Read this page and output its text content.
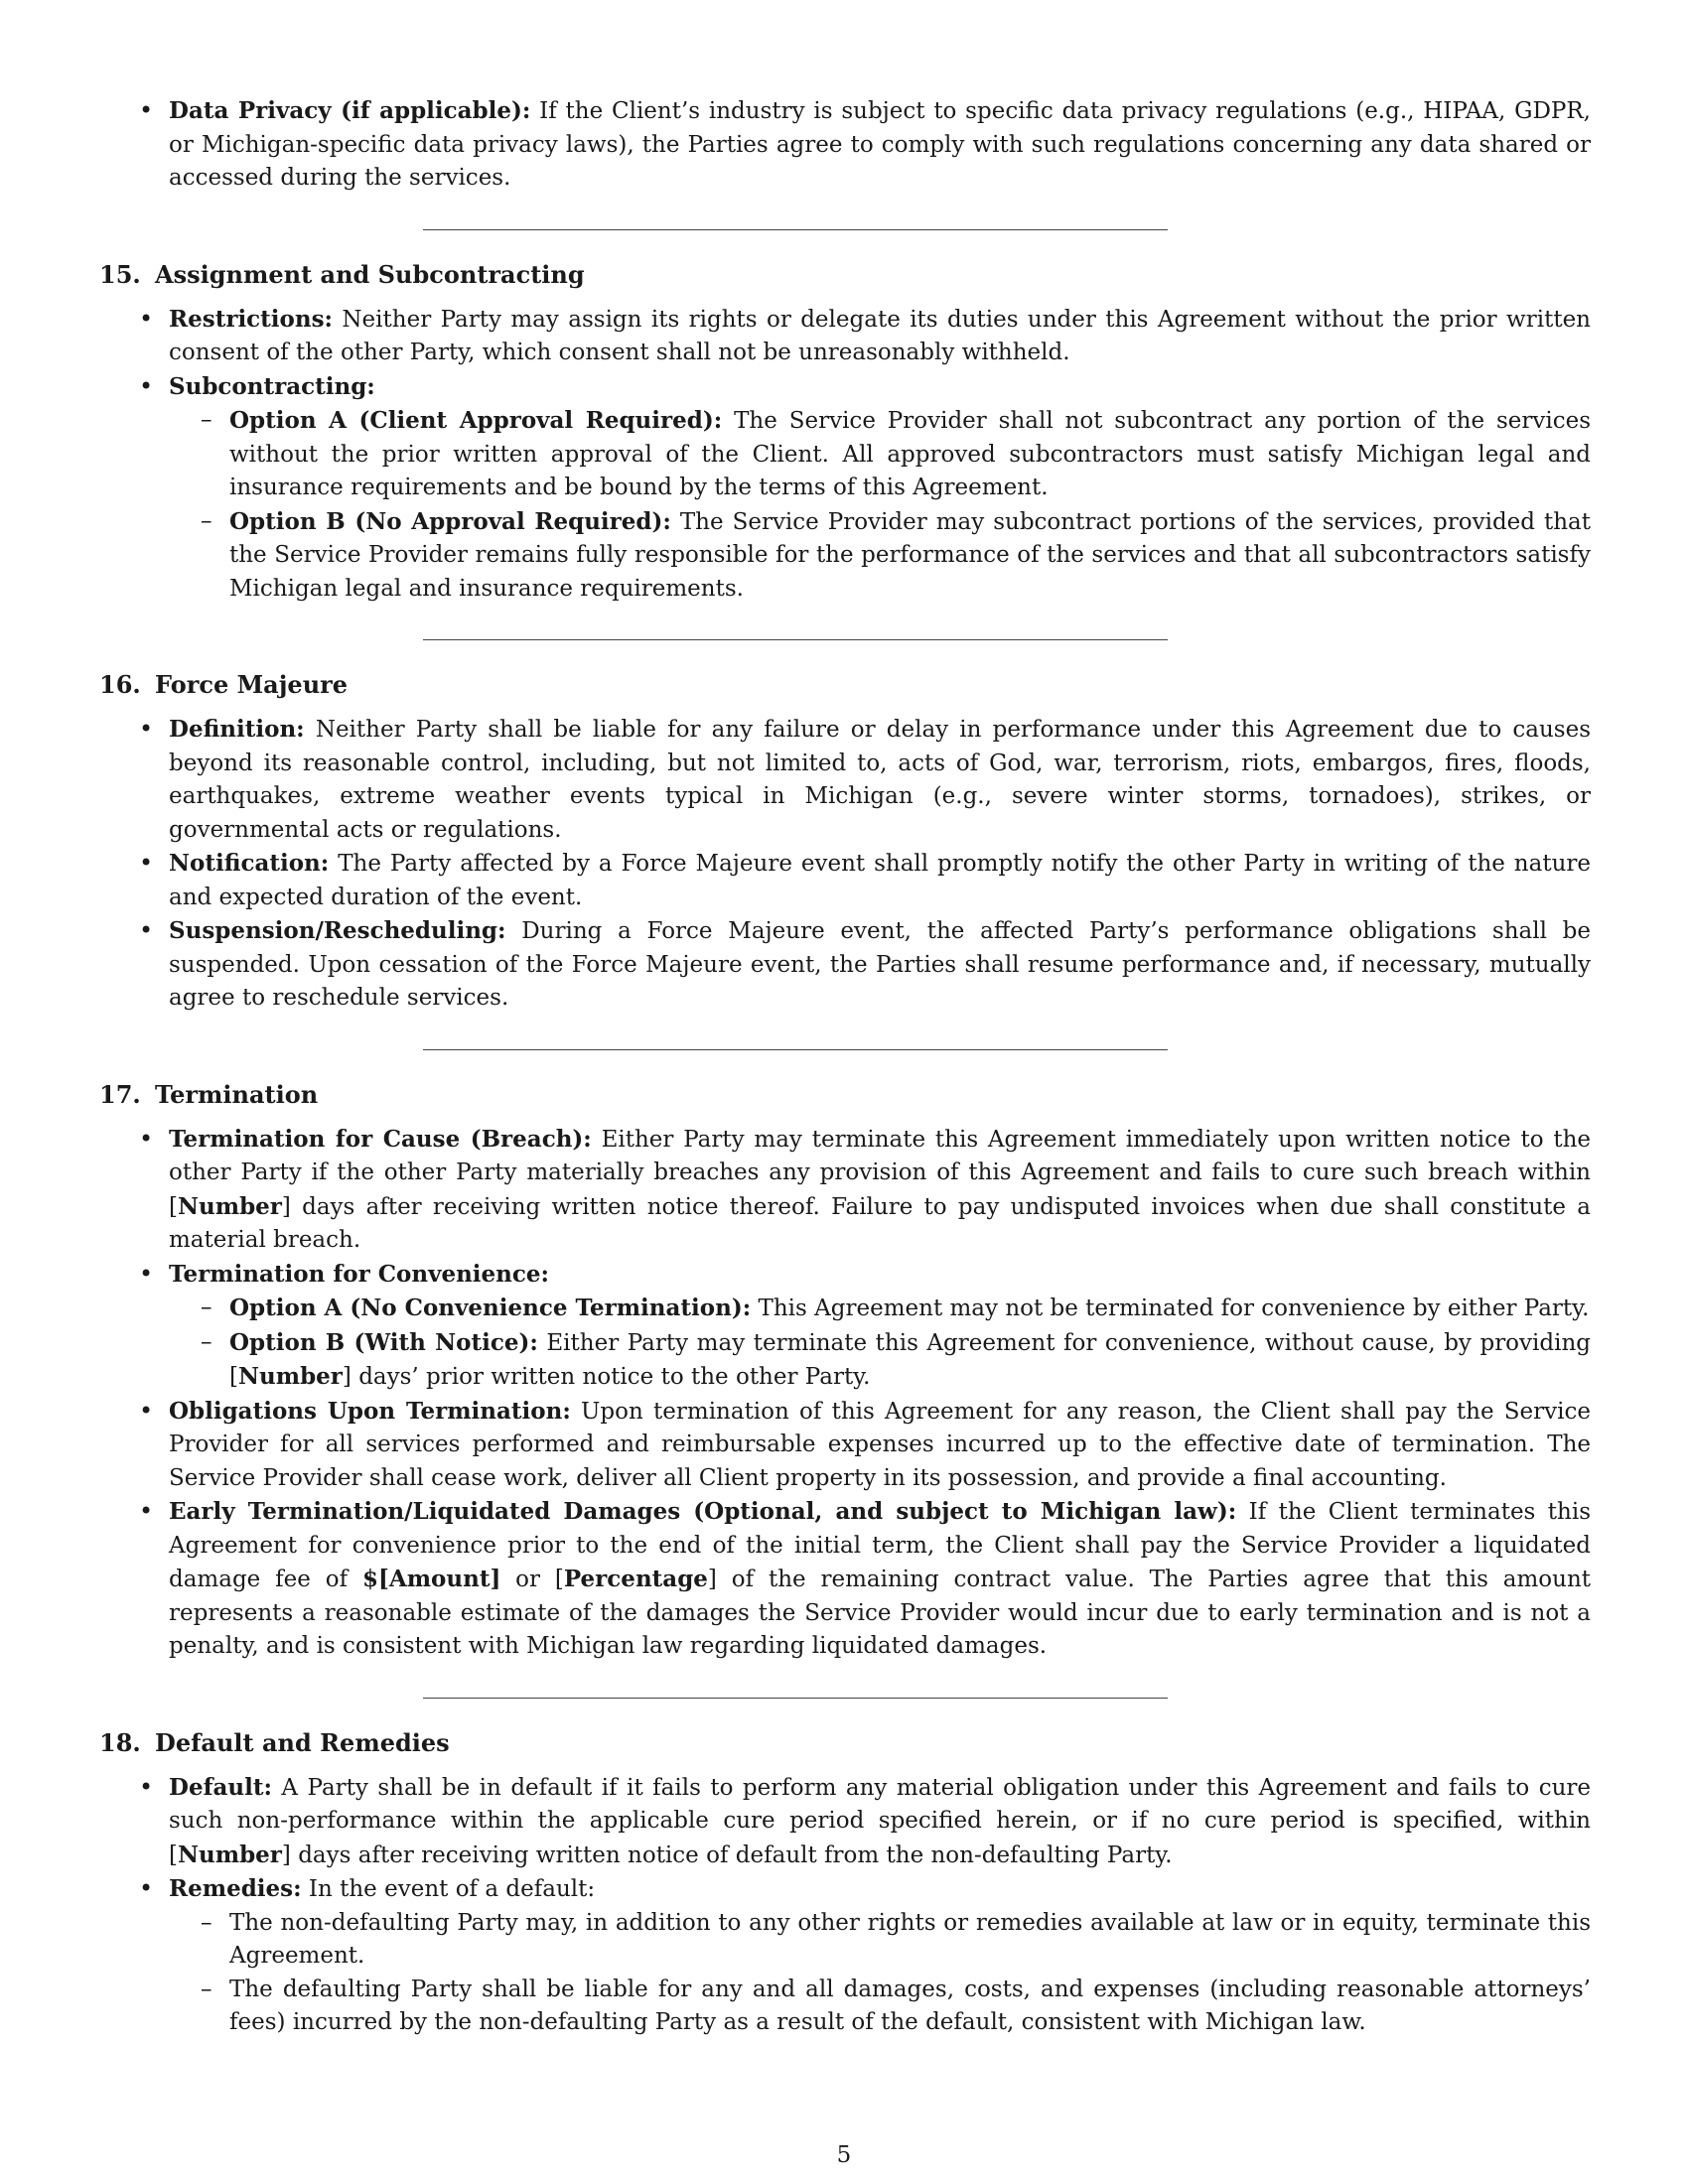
• Data Privacy (if applicable): If the Client’s industry is subject to specific data privacy regulations (e.g., HIPAA, GDPR, or Michigan-specific data privacy laws), the Parties agree to comply with such regulations concerning any data shared or accessed during the services.
15. Assignment and Subcontracting
• Restrictions: Neither Party may assign its rights or delegate its duties under this Agreement without the prior written consent of the other Party, which consent shall not be unreasonably withheld.
• Subcontracting:
– Option A (Client Approval Required): The Service Provider shall not subcontract any portion of the services without the prior written approval of the Client. All approved subcontractors must satisfy Michigan legal and insurance requirements and be bound by the terms of this Agreement.
– Option B (No Approval Required): The Service Provider may subcontract portions of the services, provided that the Service Provider remains fully responsible for the performance of the services and that all subcontractors satisfy Michigan legal and insurance requirements.
16. Force Majeure
• Definition: Neither Party shall be liable for any failure or delay in performance under this Agreement due to causes beyond its reasonable control, including, but not limited to, acts of God, war, terrorism, riots, embargos, fires, floods, earthquakes, extreme weather events typical in Michigan (e.g., severe winter storms, tornadoes), strikes, or governmental acts or regulations.
• Notification: The Party affected by a Force Majeure event shall promptly notify the other Party in writing of the nature and expected duration of the event.
• Suspension/Rescheduling: During a Force Majeure event, the affected Party’s performance obligations shall be suspended. Upon cessation of the Force Majeure event, the Parties shall resume performance and, if necessary, mutually agree to reschedule services.
17. Termination
• Termination for Cause (Breach): Either Party may terminate this Agreement immediately upon written notice to the other Party if the other Party materially breaches any provision of this Agreement and fails to cure such breach within [Number] days after receiving written notice thereof. Failure to pay undisputed invoices when due shall constitute a material breach.
• Termination for Convenience:
– Option A (No Convenience Termination): This Agreement may not be terminated for convenience by either Party.
– Option B (With Notice): Either Party may terminate this Agreement for convenience, without cause, by providing [Number] days’ prior written notice to the other Party.
• Obligations Upon Termination: Upon termination of this Agreement for any reason, the Client shall pay the Service Provider for all services performed and reimbursable expenses incurred up to the effective date of termination. The Service Provider shall cease work, deliver all Client property in its possession, and provide a final accounting.
• Early Termination/Liquidated Damages (Optional, and subject to Michigan law): If the Client terminates this Agreement for convenience prior to the end of the initial term, the Client shall pay the Service Provider a liquidated damage fee of $[Amount] or [Percentage] of the remaining contract value. The Parties agree that this amount represents a reasonable estimate of the damages the Service Provider would incur due to early termination and is not a penalty, and is consistent with Michigan law regarding liquidated damages.
18. Default and Remedies
• Default: A Party shall be in default if it fails to perform any material obligation under this Agreement and fails to cure such non-performance within the applicable cure period specified herein, or if no cure period is specified, within [Number] days after receiving written notice of default from the non-defaulting Party.
• Remedies: In the event of a default:
– The non-defaulting Party may, in addition to any other rights or remedies available at law or in equity, terminate this Agreement.
– The defaulting Party shall be liable for any and all damages, costs, and expenses (including reasonable attorneys’ fees) incurred by the non-defaulting Party as a result of the default, consistent with Michigan law.
5
